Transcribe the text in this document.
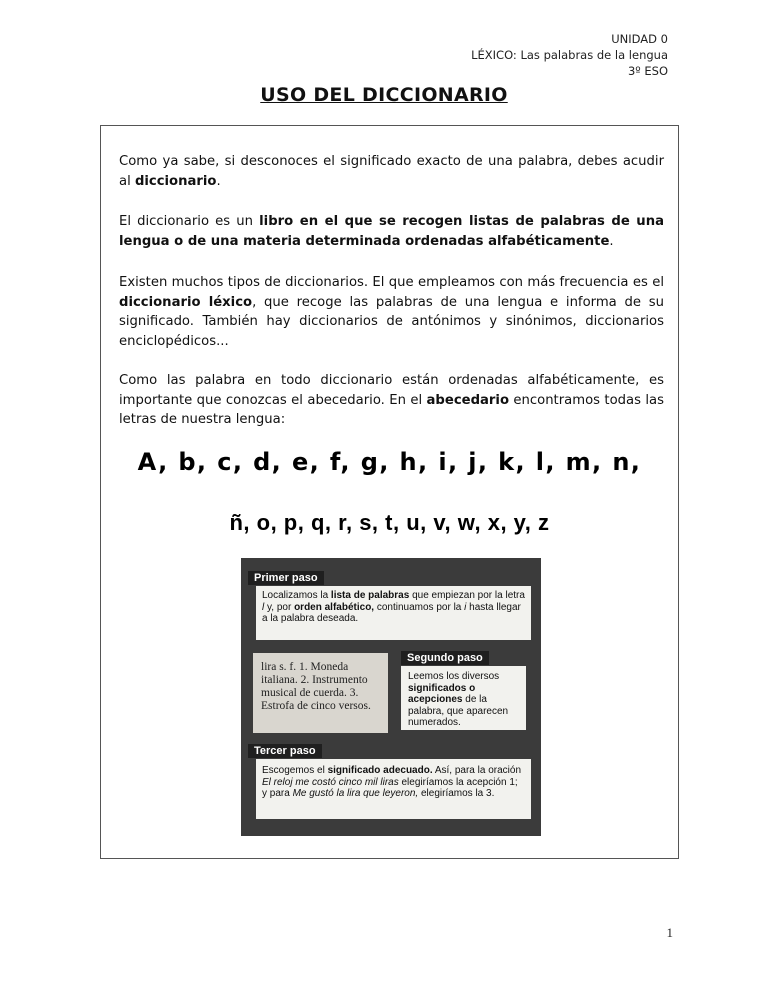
UNIDAD 0
LÉXICO: Las palabras de la lengua
3º ESO
USO DEL DICCIONARIO

Como ya sabe, si desconoces el significado exacto de una palabra, debes acudir al diccionario.

El diccionario es un libro en el que se recogen listas de palabras de una lengua o de una materia determinada ordenadas alfabéticamente.

Existen muchos tipos de diccionarios. El que empleamos con más frecuencia es el diccionario léxico, que recoge las palabras de una lengua e informa de su significado. También hay diccionarios de antónimos y sinónimos, diccionarios enciclopédicos...

Como las palabra en todo diccionario están ordenadas alfabéticamente, es importante que conozcas el abecedario. En el abecedario encontramos todas las letras de nuestra lengua:

A, b, c, d, e, f, g, h, i, j, k, l, m, n,

ñ, o, p, q, r, s, t, u, v, w, x, y, z

Primer paso
Localizamos la lista de palabras que empiezan por la letra l y, por orden alfabético, continuamos por la i hasta llegar a la palabra deseada.
lira s. f. 1. Moneda italiana. 2. Instrumento musical de cuerda. 3. Estrofa de cinco versos.
Segundo paso
Leemos los diversos significados o acepciones de la palabra, que aparecen numerados.
Tercer paso
Escogemos el significado adecuado. Así, para la oración El reloj me costó cinco mil liras elegiríamos la acepción 1; y para Me gustó la lira que leyeron, elegiríamos la 3.
1
